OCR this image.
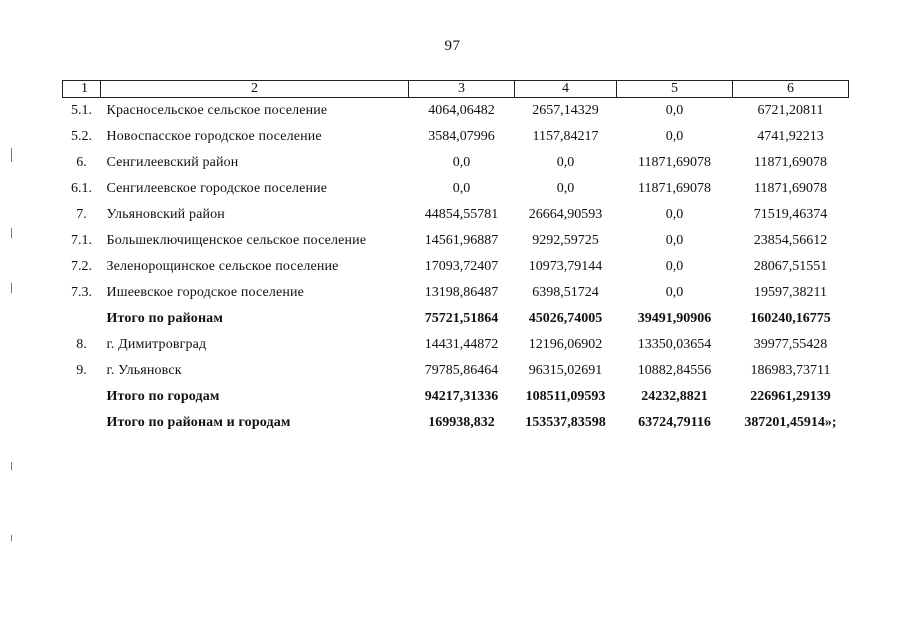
97
1	2	3	4	5	6
5.1.	Красносельское сельское поселение	4064,06482	2657,14329	0,0	6721,20811
5.2.	Новоспасское городское поселение	3584,07996	1157,84217	0,0	4741,92213
6.	Сенгилеевский район	0,0	0,0	11871,69078	11871,69078
6.1.	Сенгилеевское городское поселение	0,0	0,0	11871,69078	11871,69078
7.	Ульяновский район	44854,55781	26664,90593	0,0	71519,46374
7.1.	Большеключищенское сельское поселение	14561,96887	9292,59725	0,0	23854,56612
7.2.	Зеленорощинское сельское поселение	17093,72407	10973,79144	0,0	28067,51551
7.3.	Ишеевское городское поселение	13198,86487	6398,51724	0,0	19597,38211
	Итого по районам	75721,51864	45026,74005	39491,90906	160240,16775
8.	г. Димитровград	14431,44872	12196,06902	13350,03654	39977,55428
9.	г. Ульяновск	79785,86464	96315,02691	10882,84556	186983,73711
	Итого по городам	94217,31336	108511,09593	24232,8821	226961,29139
	Итого по районам и городам	169938,832	153537,83598	63724,79116	387201,45914»;
